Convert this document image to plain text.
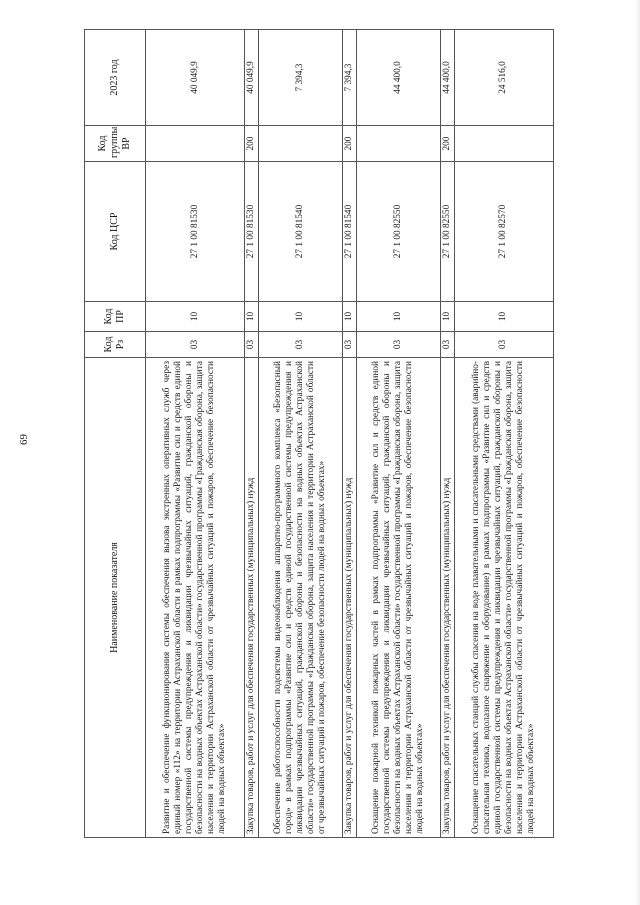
69
Наименование показателя	Код Рз	Код ПР	Код ЦСР	Код группы ВР	2023 год
Развитие и обеспечение функционирования системы обеспечения вызова экстренных оперативных служб через единый номер «112» на территории Астраханской области в рамках подпрограммы «Развитие сил и средств единой государственной системы предупреждения и ликвидации чрезвычайных ситуаций, гражданской обороны и безопасности на водных объектах Астраханской области» государственной программы «Гражданская оборона, защита населения и территории Астраханской области от чрезвычайных ситуаций и пожаров, обеспечение безопасности людей на водных объектах»	03	10	27 1 00 81530		40 049,9
Закупка товаров, работ и услуг для обеспечения государственных (муниципальных) нужд	03	10	27 1 00 81530	200	40 049,9
Обеспечение работоспособности подсистемы видеонаблюдения аппаратно-программного комплекса «Безопасный город» в рамках подпрограммы «Развитие сил и средств единой государственной системы предупреждения и ликвидации чрезвычайных ситуаций, гражданской обороны и безопасности на водных объектах Астраханской области» государственной программы «Гражданская оборона, защита населения и территории Астраханской области от чрезвычайных ситуаций и пожаров, обеспечение безопасности людей на водных объектах»	03	10	27 1 00 81540		7 394,3
Закупка товаров, работ и услуг для обеспечения государственных (муниципальных) нужд	03	10	27 1 00 81540	200	7 394,3
Оснащение пожарной техникой пожарных частей в рамках подпрограммы «Развитие сил и средств единой государственной системы предупреждения и ликвидации чрезвычайных ситуаций, гражданской обороны и безопасности на водных объектах Астраханской области» государственной программы «Гражданская оборона, защита населения и территории Астраханской области от чрезвычайных ситуаций и пожаров, обеспечение безопасности людей на водных объектах»	03	10	27 1 00 82550		44 400,0
Закупка товаров, работ и услуг для обеспечения государственных (муниципальных) нужд	03	10	27 1 00 82550	200	44 400,0
Оснащение спасательных станций службы спасения на воде плавательными и спасательными средствами (аварийно-спасательная техника, водолазное снаряжение и оборудование) в рамках подпрограммы «Развитие сил и средств единой государственной системы предупреждения и ликвидации чрезвычайных ситуаций, гражданской обороны и безопасности на водных объектах Астраханской области» государственной программы «Гражданская оборона, защита населения и территории Астраханской области от чрезвычайных ситуаций и пожаров, обеспечение безопасности людей на водных объектах»	03	10	27 1 00 82570		24 516,0
